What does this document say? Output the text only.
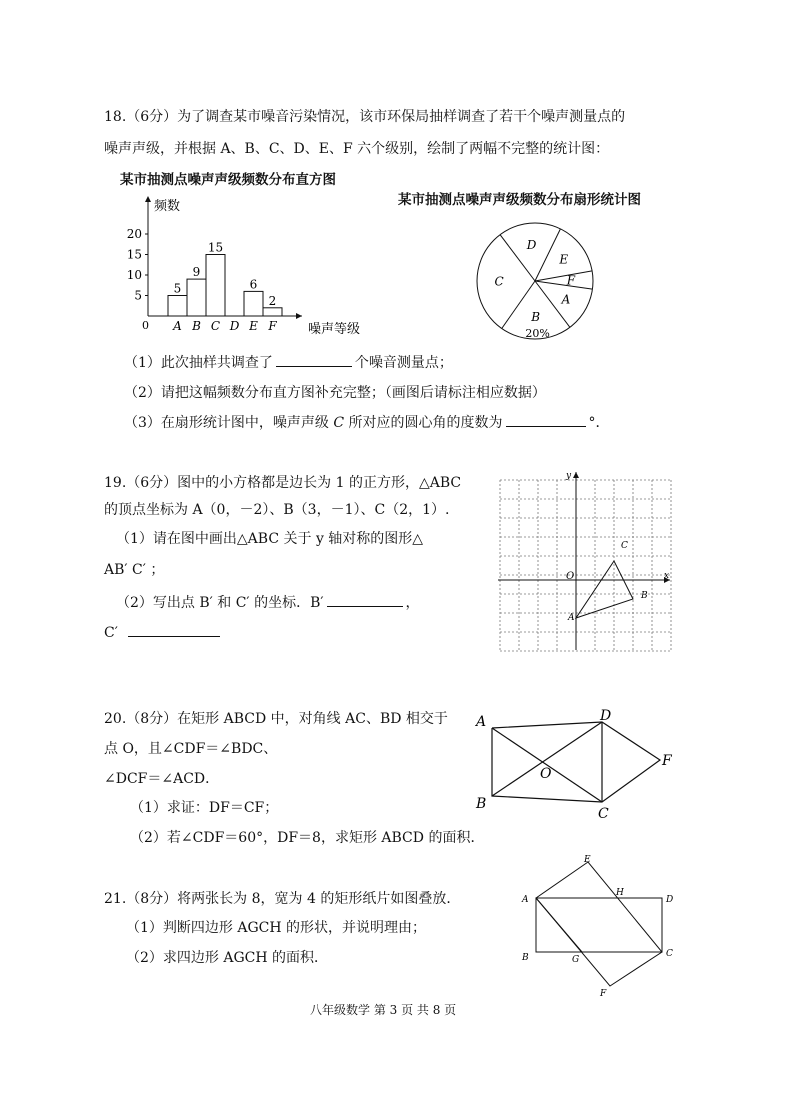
18.（6分）为了调查某市噪音污染情况，该市环保局抽样调查了若干个噪声测量点的
噪声声级，并根据 A、B、C、D、E、F 六个级别，绘制了两幅不完整的统计图：
某市抽测点噪声声级频数分布直方图
某市抽测点噪声声级频数分布扇形统计图
频数
噪声等级
0
5
10
15
20
5
A
9
B
15
C D
6
E
2
F
F
E
D
C
B
20%
A
（1）此次抽样共调查了	个噪音测量点；
（2）请把这幅频数分布直方图补充完整；（画图后请标注相应数据）
（3）在扇形统计图中，噪声声级 C 所对应的圆心角的度数为	°．
19.（6分）图中的小方格都是边长为 1 的正方形，△ABC
的顶点坐标为 A（0，－2）、B（3，－1）、C（2，1）.
（1）请在图中画出△ABC 关于 y 轴对称的图形△
AB′ C′ ；
（2）写出点 B′ 和 C′ 的坐标．B′	，
C′
x
y
O
A
B
C
20.（8分）在矩形 ABCD 中，对角线 AC、BD 相交于
点 O，且∠CDF＝∠BDC、
∠DCF＝∠ACD．
（1）求证：DF＝CF；
（2）若∠CDF＝60°，DF＝8，求矩形 ABCD 的面积．
A
B
C
D
F
O
21.（8分）将两张长为 8，宽为 4 的矩形纸片如图叠放．
（1）判断四边形 AGCH 的形状，并说明理由；
（2）求四边形 AGCH 的面积．
A
B	C
D
E
F
G
H
八年级数学 第 3 页 共 8 页
